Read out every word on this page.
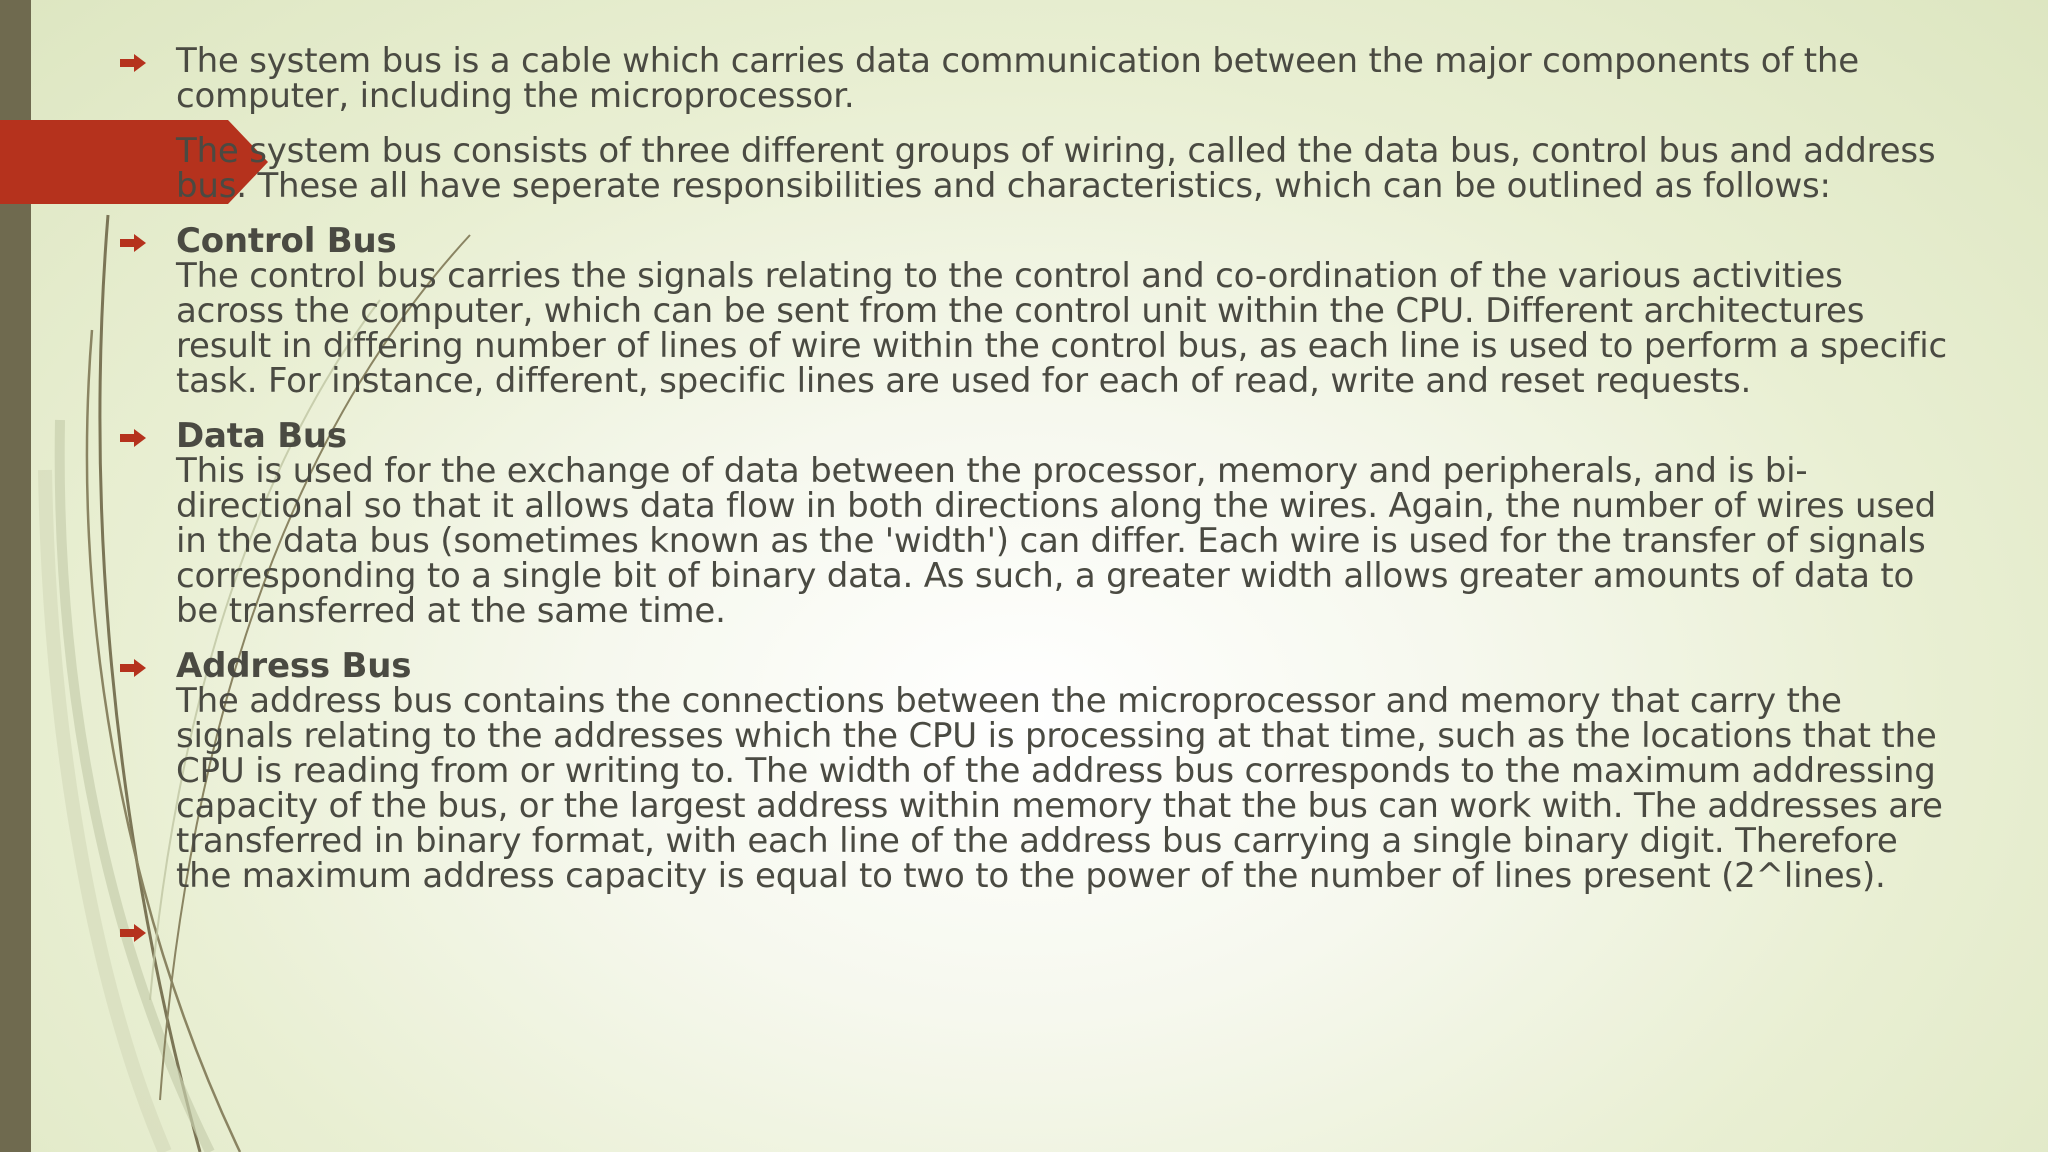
The system bus is a cable which carries data communication between the major components of the computer, including the microprocessor.
The system bus consists of three different groups of wiring, called the data bus, control bus and address bus. These all have seperate responsibilities and characteristics, which can be outlined as follows:
Control Bus
The control bus carries the signals relating to the control and co-ordination of the various activities across the computer, which can be sent from the control unit within the CPU. Different architectures result in differing number of lines of wire within the control bus, as each line is used to perform a specific task. For instance, different, specific lines are used for each of read, write and reset requests.
Data Bus
This is used for the exchange of data between the processor, memory and peripherals, and is bi-directional so that it allows data flow in both directions along the wires. Again, the number of wires used in the data bus (sometimes known as the 'width') can differ. Each wire is used for the transfer of signals corresponding to a single bit of binary data. As such, a greater width allows greater amounts of data to be transferred at the same time.
Address Bus
The address bus contains the connections between the microprocessor and memory that carry the signals relating to the addresses which the CPU is processing at that time, such as the locations that the CPU is reading from or writing to. The width of the address bus corresponds to the maximum addressing capacity of the bus, or the largest address within memory that the bus can work with. The addresses are transferred in binary format, with each line of the address bus carrying a single binary digit. Therefore the maximum address capacity is equal to two to the power of the number of lines present (2^lines).
